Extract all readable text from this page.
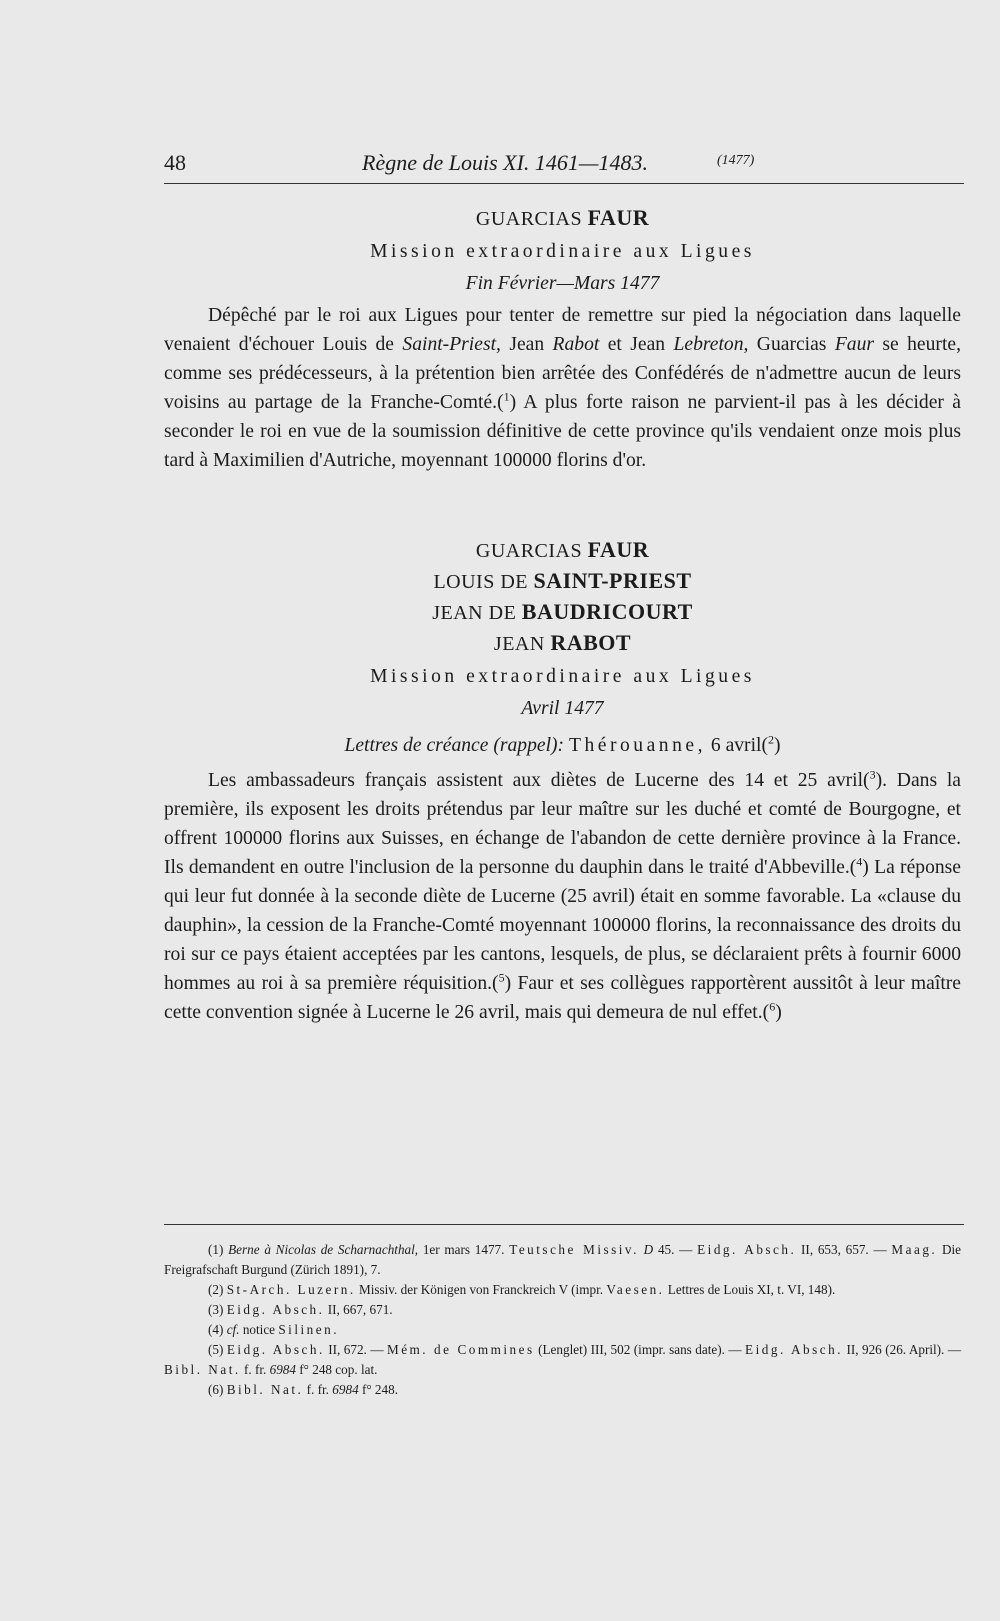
48	Règne de Louis XI. 1461—1483.	(1477)
GUARCIAS FAUR
Mission extraordinaire aux Ligues
Fin Février—Mars 1477

Dépêché par le roi aux Ligues pour tenter de remettre sur pied la négociation dans laquelle venaient d'échouer Louis de Saint-Priest, Jean Rabot et Jean Lebreton, Guarcias Faur se heurte, comme ses prédécesseurs, à la prétention bien arrêtée des Confédérés de n'admettre aucun de leurs voisins au partage de la Franche-Comté.($^1$) A plus forte raison ne parvient-il pas à les décider à seconder le roi en vue de la soumission définitive de cette province qu'ils vendaient onze mois plus tard à Maximilien d'Autriche, moyennant 100000 florins d'or.

GUARCIAS FAUR
LOUIS DE SAINT-PRIEST
JEAN DE BAUDRICOURT
JEAN RABOT
Mission extraordinaire aux Ligues
Avril 1477
Lettres de créance (rappel): Thérouanne, 6 avril($^2$)

Les ambassadeurs français assistent aux diètes de Lucerne des 14 et 25 avril($^3$). Dans la première, ils exposent les droits prétendus par leur maître sur les duché et comté de Bourgogne, et offrent 100000 florins aux Suisses, en échange de l'abandon de cette dernière province à la France. Ils demandent en outre l'inclusion de la personne du dauphin dans le traité d'Abbeville.($^4$) La réponse qui leur fut donnée à la seconde diète de Lucerne (25 avril) était en somme favorable. La «clause du dauphin», la cession de la Franche-Comté moyennant 100000 florins, la reconnaissance des droits du roi sur ce pays étaient acceptées par les cantons, lesquels, de plus, se déclaraient prêts à fournir 6000 hommes au roi à sa première réquisition.($^5$) Faur et ses collègues rapportèrent aussitôt à leur maître cette convention signée à Lucerne le 26 avril, mais qui demeura de nul effet.($^6$)

(1) Berne à Nicolas de Scharnachthal, 1er mars 1477. Teutsche Missiv. D 45. — Eidg. Absch. II, 653, 657. — Maag. Die Freigrafschaft Burgund (Zürich 1891), 7.

(2) St-Arch. Luzern. Missiv. der Königen von Franckreich V (impr. Vaesen. Lettres de Louis XI, t. VI, 148).

(3) Eidg. Absch. II, 667, 671.

(4) cf. notice Silinen.

(5) Eidg. Absch. II, 672. — Mém. de Commines (Lenglet) III, 502 (impr. sans date). — Eidg. Absch. II, 926 (26. April). — Bibl. Nat. f. fr. 6984 f° 248 cop. lat.

(6) Bibl. Nat. f. fr. 6984 f° 248.
